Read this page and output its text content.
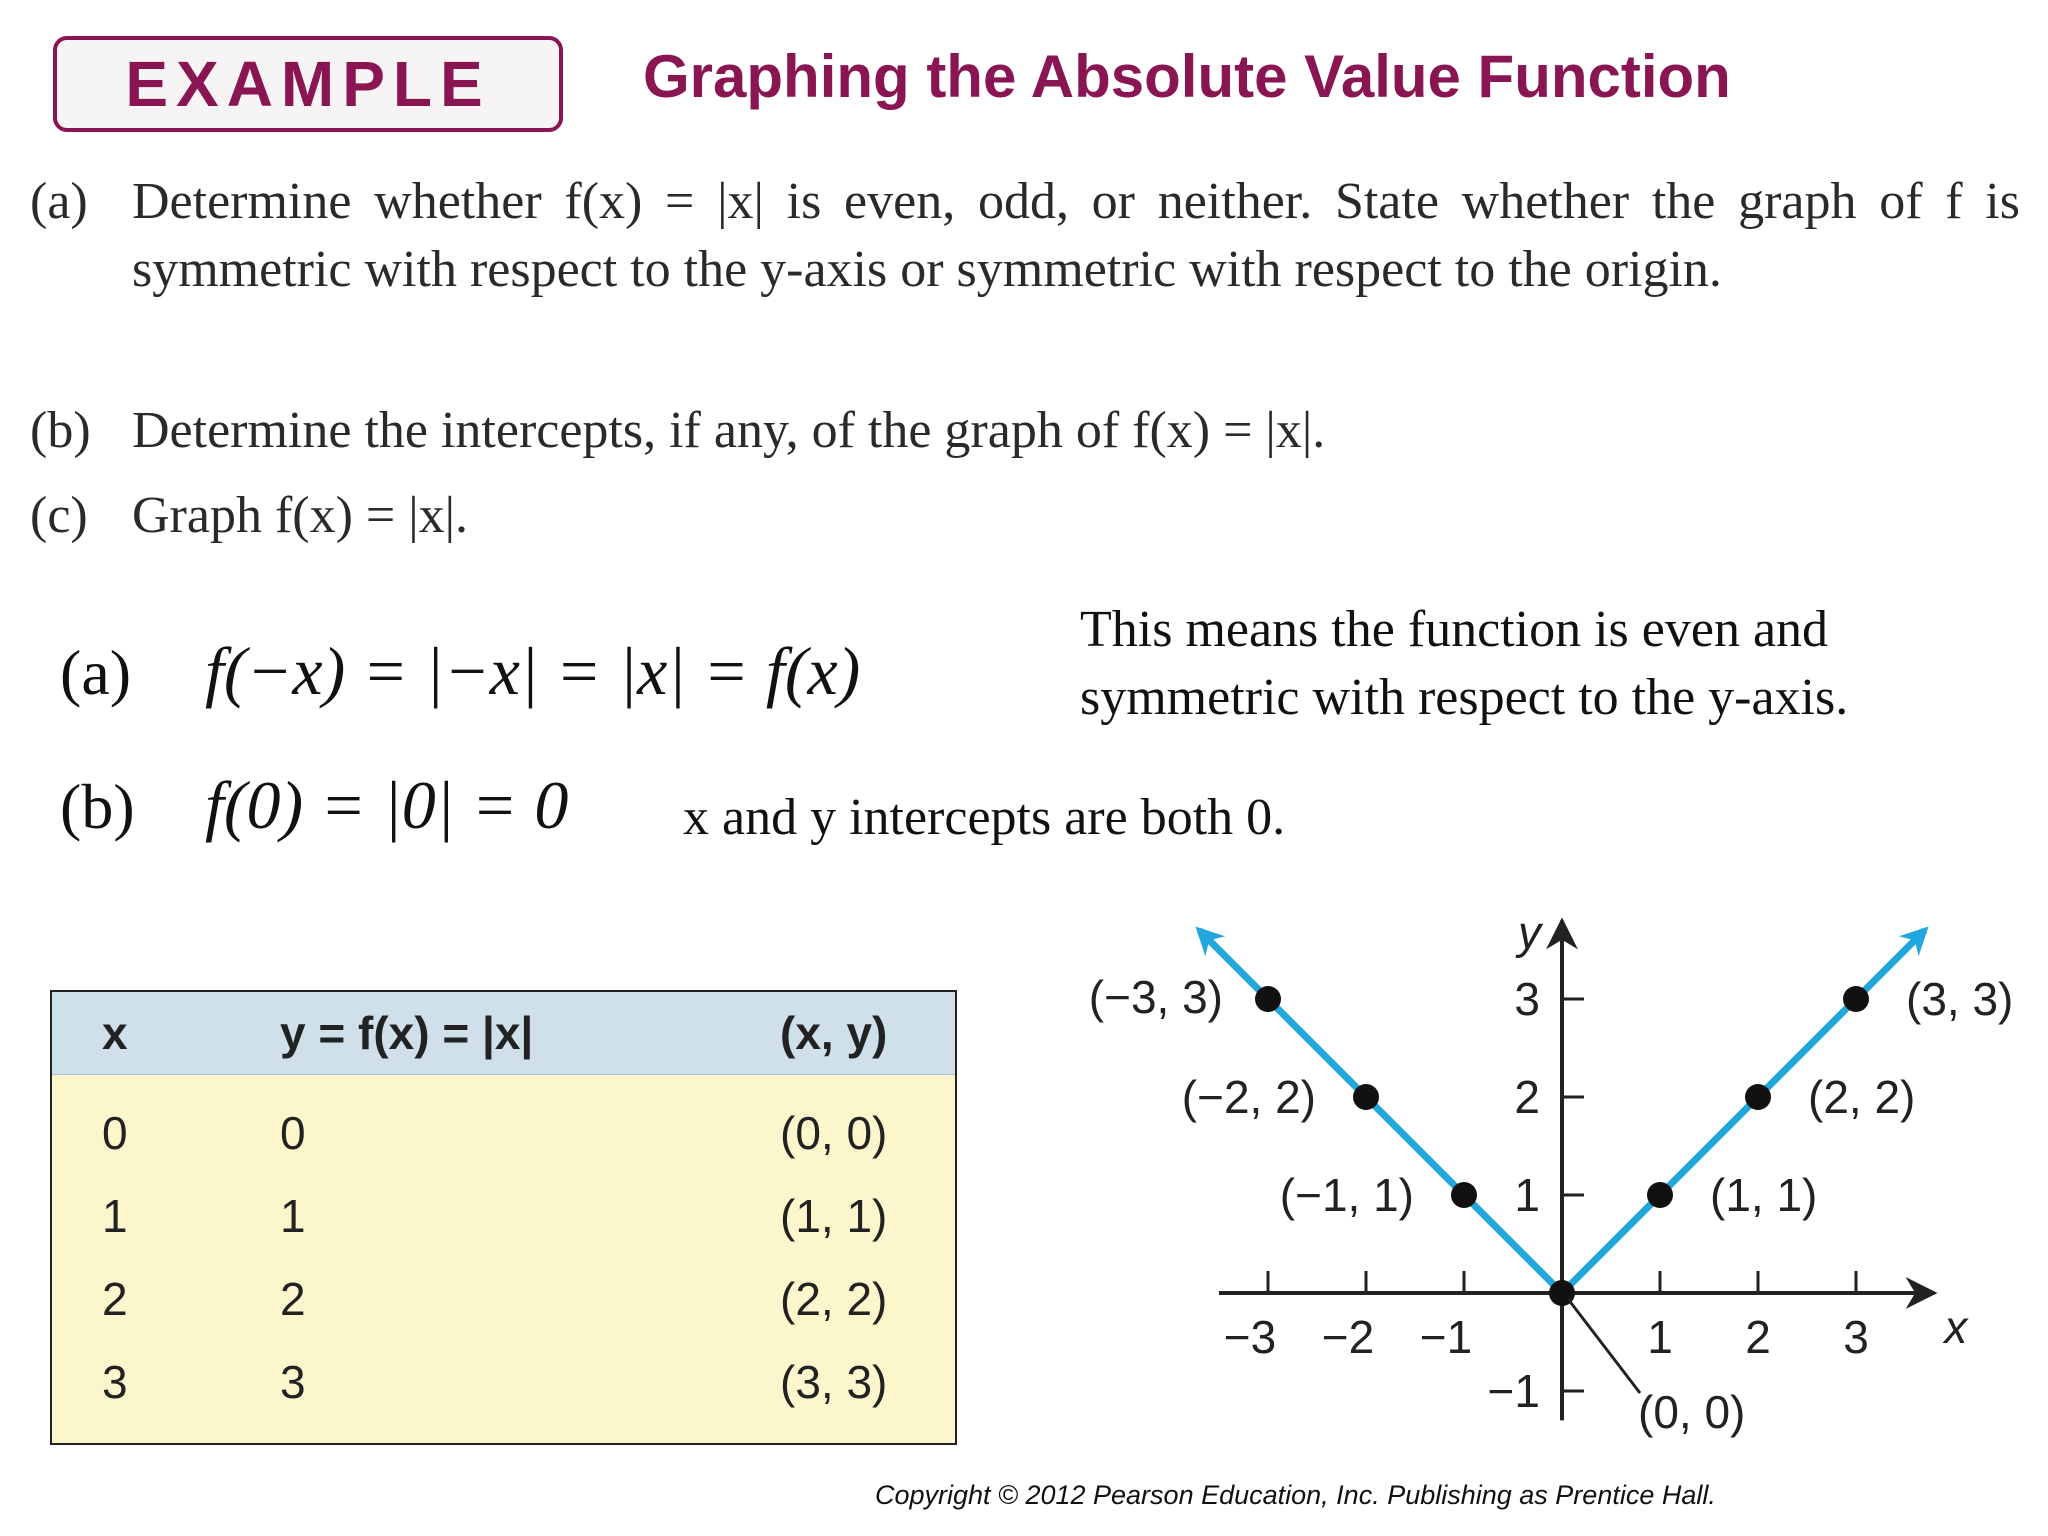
EXAMPLE	Graphing the Absolute Value Function
(a) Determine whether f(x) = |x| is even, odd, or neither. State whether the graph of f is symmetric with respect to the y-axis or symmetric with respect to the origin.
(b) Determine the intercepts, if any, of the graph of f(x) = |x|.
(c) Graph f(x) = |x|.
(a) f(−x) = |−x| = |x| = f(x)
This means the function is even and symmetric with respect to the y-axis.
(b) f(0) = |0| = 0 x and y intercepts are both 0.
x	y = f(x) = |x|	(x, y)
0	0	(0, 0)
1	1	(1, 1)
2	2	(2, 2)
3	3	(3, 3)
−3 −2 −1	1 2 3
−1
1
2
3
x
y
(−3, 3)
(−2, 2)
(−1, 1)
(0, 0)
(1, 1)
(2, 2)
(3, 3)
Copyright © 2012 Pearson Education, Inc. Publishing as Prentice Hall.
